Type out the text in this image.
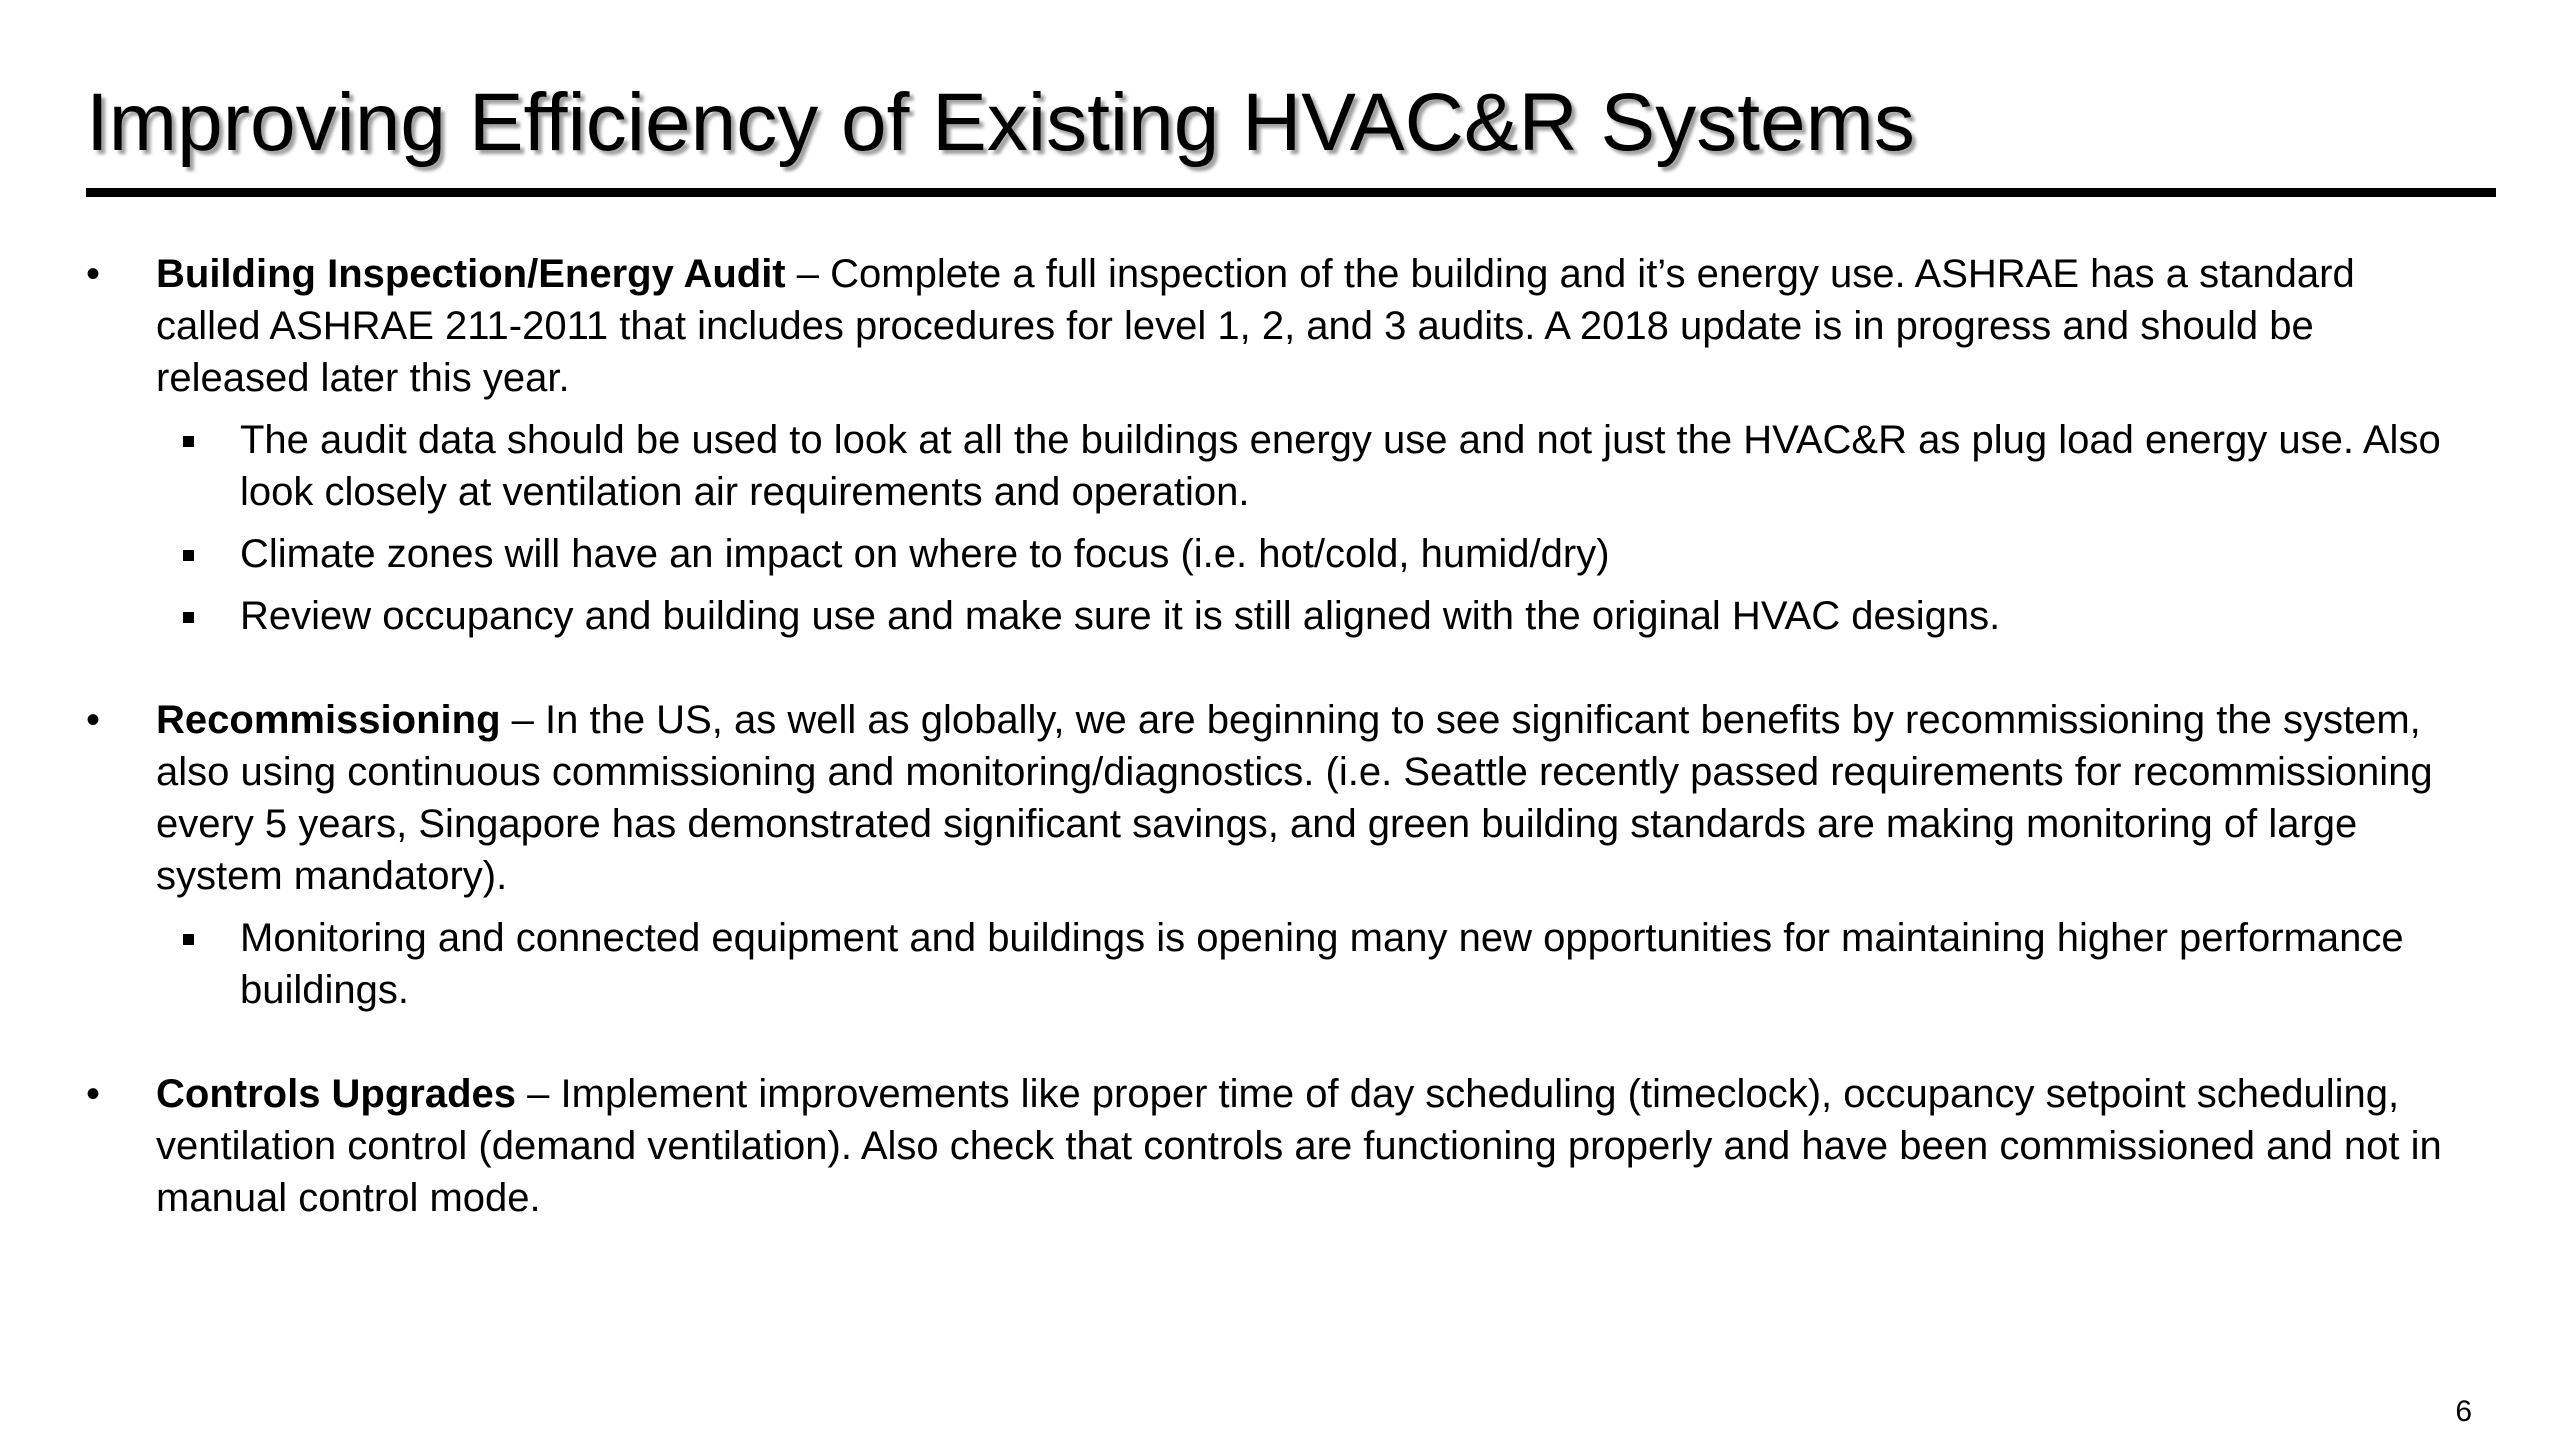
Improving Efficiency of Existing HVAC&R Systems
• Building Inspection/Energy Audit – Complete a full inspection of the building and it’s energy use. ASHRAE has a standard called ASHRAE 211-2011 that includes procedures for level 1, 2, and 3 audits. A 2018 update is in progress and should be released later this year.
The audit data should be used to look at all the buildings energy use and not just the HVAC&R as plug load energy use. Also look closely at ventilation air requirements and operation.
Climate zones will have an impact on where to focus (i.e. hot/cold, humid/dry)
Review occupancy and building use and make sure it is still aligned with the original HVAC designs.
• Recommissioning – In the US, as well as globally, we are beginning to see significant benefits by recommissioning the system, also using continuous commissioning and monitoring/diagnostics. (i.e. Seattle recently passed requirements for recommissioning every 5 years, Singapore has demonstrated significant savings, and green building standards are making monitoring of large system mandatory).
Monitoring and connected equipment and buildings is opening many new opportunities for maintaining higher performance buildings.
• Controls Upgrades – Implement improvements like proper time of day scheduling (timeclock), occupancy setpoint scheduling, ventilation control (demand ventilation). Also check that controls are functioning properly and have been commissioned and not in manual control mode.
6
